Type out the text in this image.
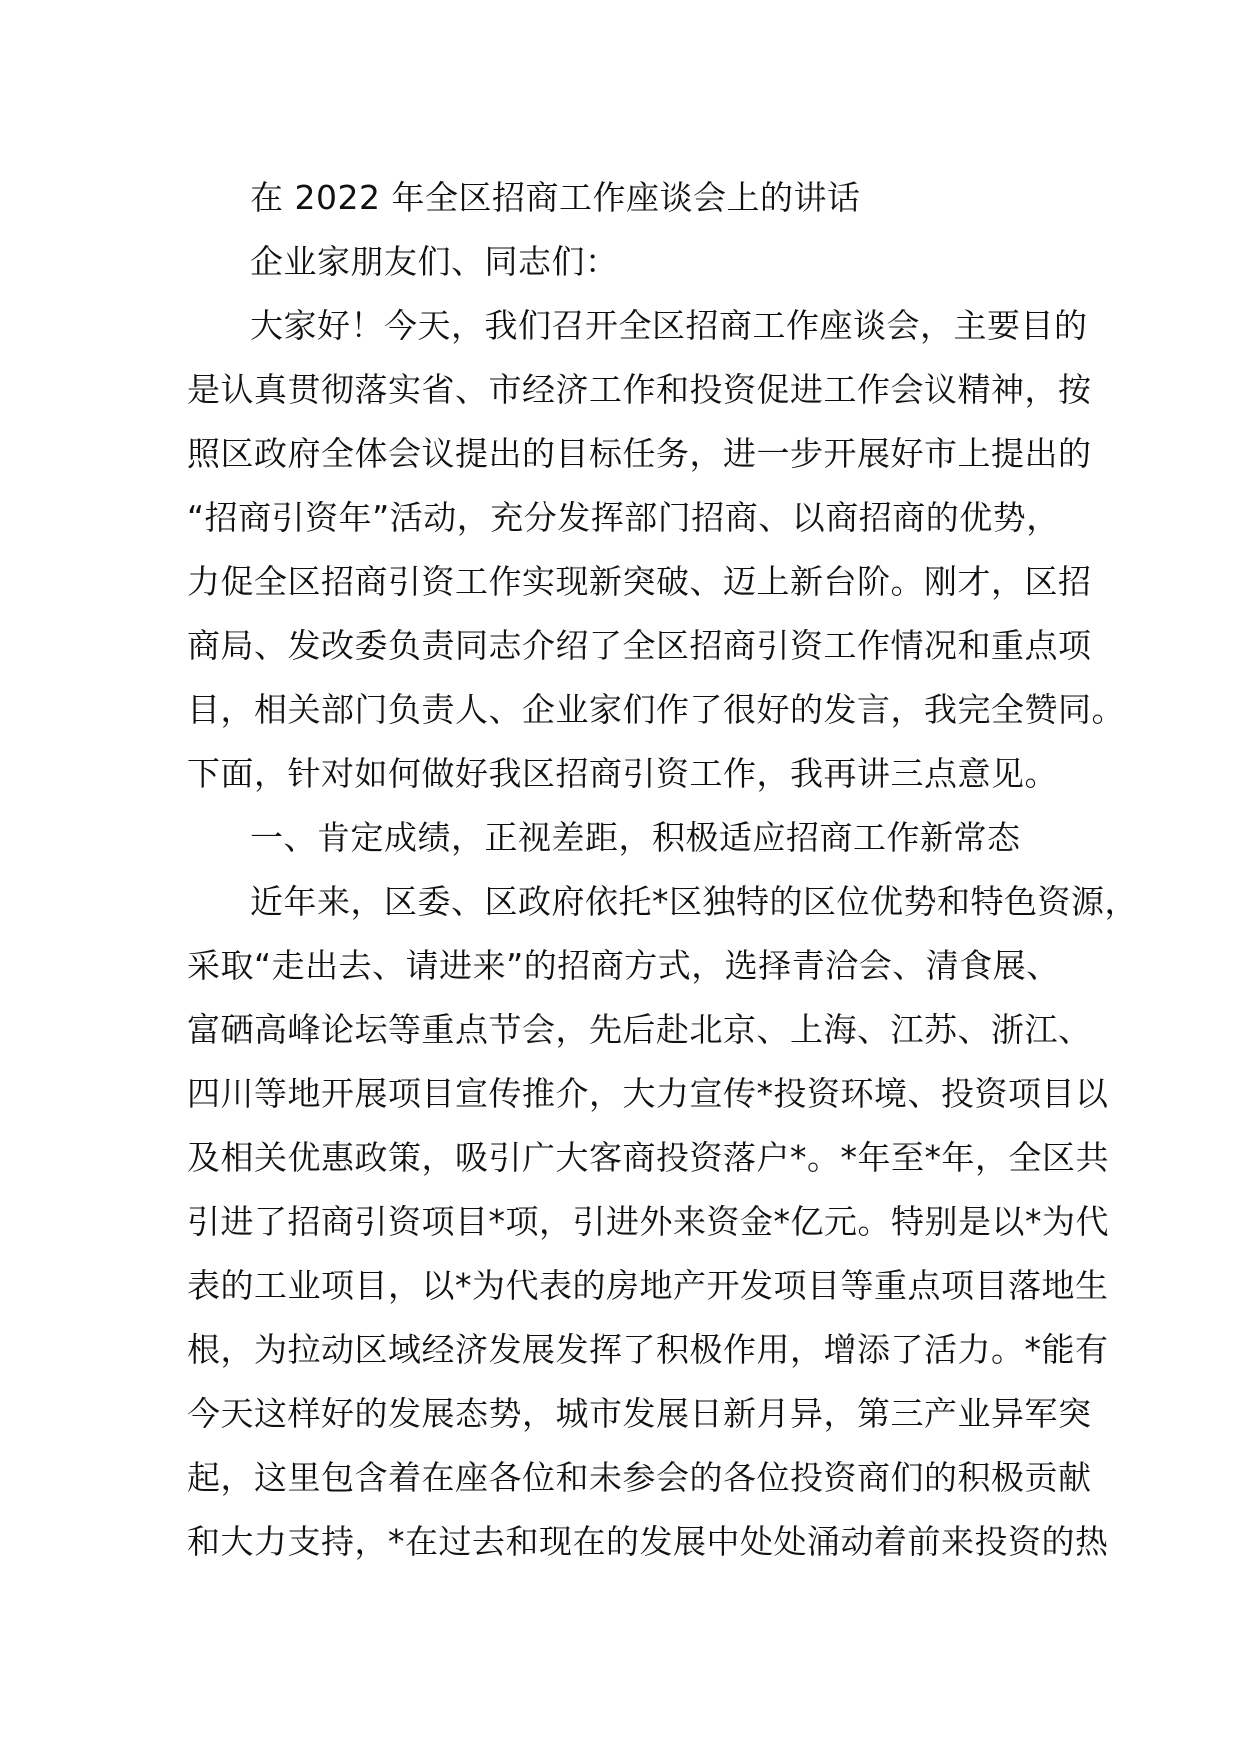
在 2022 年全区招商工作座谈会上的讲话
企业家朋友们、同志们：
大家好！今天，我们召开全区招商工作座谈会，主要目的
是认真贯彻落实省、市经济工作和投资促进工作会议精神，按
照区政府全体会议提出的目标任务，进一步开展好市上提出的
“招商引资年”活动，充分发挥部门招商、以商招商的优势，
力促全区招商引资工作实现新突破、迈上新台阶。刚才，区招
商局、发改委负责同志介绍了全区招商引资工作情况和重点项
目，相关部门负责人、企业家们作了很好的发言，我完全赞同。
下面，针对如何做好我区招商引资工作，我再讲三点意见。
一、肯定成绩，正视差距，积极适应招商工作新常态
近年来，区委、区政府依托*区独特的区位优势和特色资源，
采取“走出去、请进来”的招商方式，选择青洽会、清食展、
富硒高峰论坛等重点节会，先后赴北京、上海、江苏、浙江、
四川等地开展项目宣传推介，大力宣传*投资环境、投资项目以
及相关优惠政策，吸引广大客商投资落户*。*年至*年，全区共
引进了招商引资项目*项，引进外来资金*亿元。特别是以*为代
表的工业项目，以*为代表的房地产开发项目等重点项目落地生
根，为拉动区域经济发展发挥了积极作用，增添了活力。*能有
今天这样好的发展态势，城市发展日新月异，第三产业异军突
起，这里包含着在座各位和未参会的各位投资商们的积极贡献
和大力支持，*在过去和现在的发展中处处涌动着前来投资的热
